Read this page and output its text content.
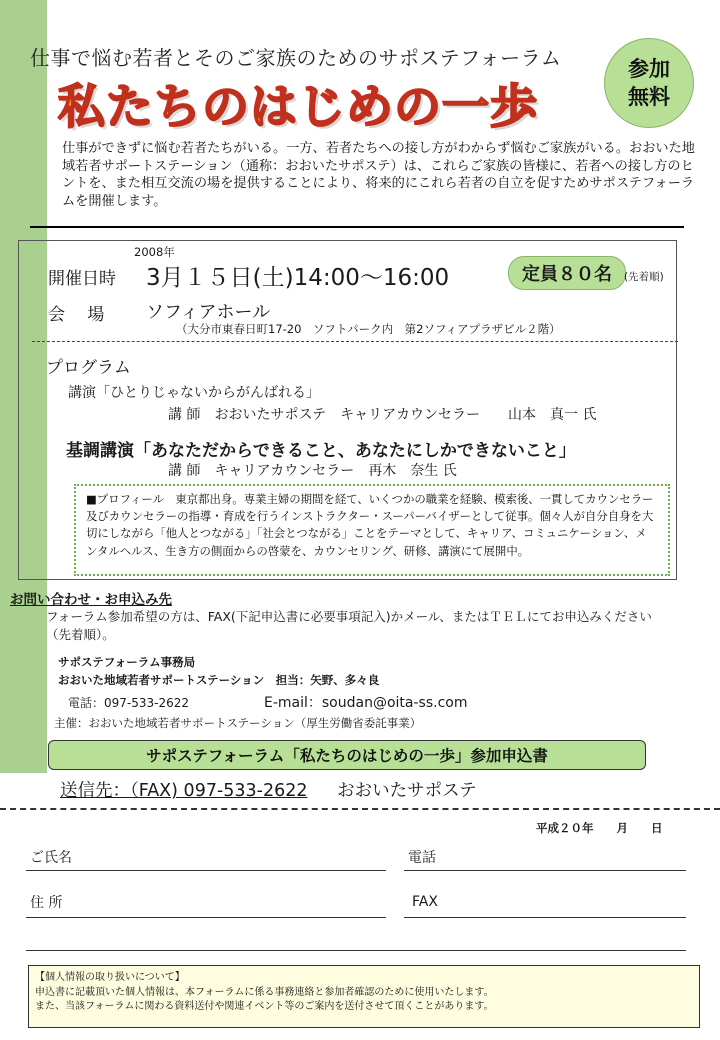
仕事で悩む若者とそのご家族のためのサポステフォーラム
私たちのはじめの一歩
参加
無料
仕事ができずに悩む若者たちがいる。一方、若者たちへの接し方がわからず悩むご家族がいる。おおいた地域若者サポートステーション（通称：おおいたサポステ）は、これらご家族の皆様に、若者への接し方のヒントを、また相互交流の場を提供することにより、将来的にこれら若者の自立を促すためサポステフォーラムを開催します。
2008年
開催日時 3月１５日(土)14:00～16:00	定員８０名	(先着順)
会　 場 ソフィアホール
（大分市東春日町17-20　ソフトパーク内　第2ソフィアプラザビル２階）
プログラム
講演「ひとりじゃないからがんばれる」
講 師　おおいたサポステ　キャリアカウンセラー　　山本　真一 氏
基調講演「あなただからできること、あなたにしかできないこと」
講 師　キャリアカウンセラー　再木　奈生 氏
■プロフィール　東京都出身。専業主婦の期間を経て、いくつかの職業を経験、模索後、一貫してカウンセラー及びカウンセラーの指導・育成を行うインストラクター・スーパーバイザーとして従事。個々人が自分自身を大切にしながら「他人とつながる」「社会とつながる」ことをテーマとして、キャリア、コミュニケーション、メンタルヘルス、生き方の側面からの啓蒙を、カウンセリング、研修、講演にて展開中。
お問い合わせ・お申込み先
フォーラム参加希望の方は、FAX(下記申込書に必要事項記入)かメール、またはＴＥＬにてお申込みください（先着順）。
サポステフォーラム事務局
おおいた地域若者サポートステーション　担当：矢野、多々良
電話：097-533-2622	E-mail：soudan@oita-ss.com
主催：おおいた地域若者サポートステーション（厚生労働省委託事業）
サポステフォーラム「私たちのはじめの一歩」参加申込書
送信先：（FAX) 097-533-2622 おおいたサポステ
平成２０年　　月　　日
ご氏名	電話
住 所	FAX
【個人情報の取り扱いについて】
申込書に記載頂いた個人情報は、本フォーラムに係る事務連絡と参加者確認のために使用いたします。
また、当該フォーラムに関わる資料送付や関連イベント等のご案内を送付させて頂くことがあります。
